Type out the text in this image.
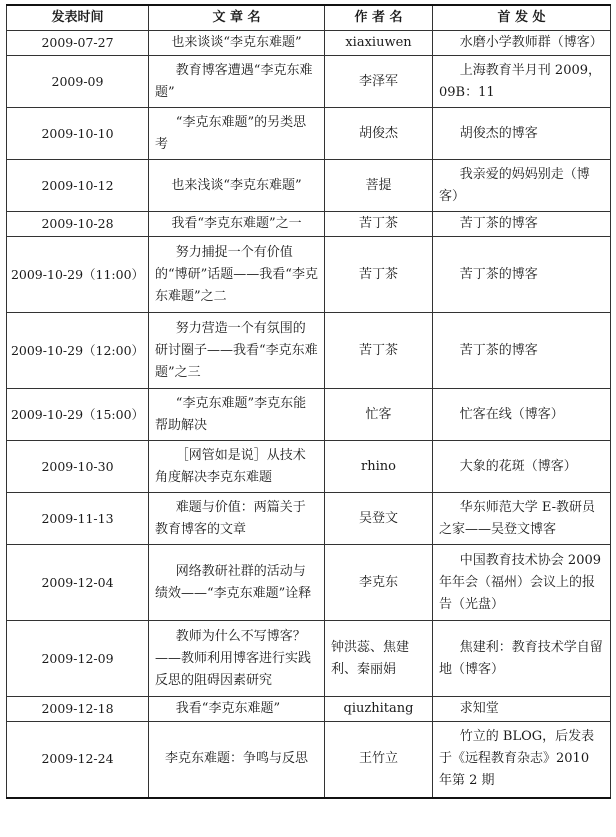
发表时间	文 章 名	作 者 名	首 发 处
2009-07-27	也来谈谈“李克东难题”	xiaxiuwen	水磨小学教师群（博客）
2009-09	教育博客遭遇“李克东难题”	李泽军	上海教育半月刊 2009，09B：11
2009-10-10	“李克东难题”的另类思考	胡俊杰	胡俊杰的博客
2009-10-12	也来浅谈“李克东难题”	菩提	我亲爱的妈妈别走（博客）
2009-10-28	我看“李克东难题”之一	苦丁茶	苦丁茶的博客
2009-10-29（11:00）	努力捕捉一个有价值的“博研”话题——我看“李克东难题”之二	苦丁茶	苦丁茶的博客
2009-10-29（12:00）	努力营造一个有氛围的研讨圈子——我看“李克东难题”之三	苦丁茶	苦丁茶的博客
2009-10-29（15:00）	“李克东难题”李克东能帮助解决	忙客	忙客在线（博客）
2009-10-30	［网管如是说］从技术角度解决李克东难题	rhino	大象的花斑（博客）
2009-11-13	难题与价值：两篇关于教育博客的文章	吴登文	华东师范大学 E-教研员之家——吴登文博客
2009-12-04	网络教研社群的活动与绩效——“李克东难题”诠释	李克东	中国教育技术协会 2009 年年会（福州）会议上的报告（光盘）
2009-12-09	教师为什么不写博客？——教师利用博客进行实践反思的阻碍因素研究	钟洪蕊、焦建利、秦丽娟	焦建利：教育技术学自留地（博客）
2009-12-18	我看“李克东难题”	qiuzhitang	求知堂
2009-12-24	李克东难题：争鸣与反思	王竹立	竹立的 BLOG，后发表于《远程教育杂志》2010 年第 2 期
